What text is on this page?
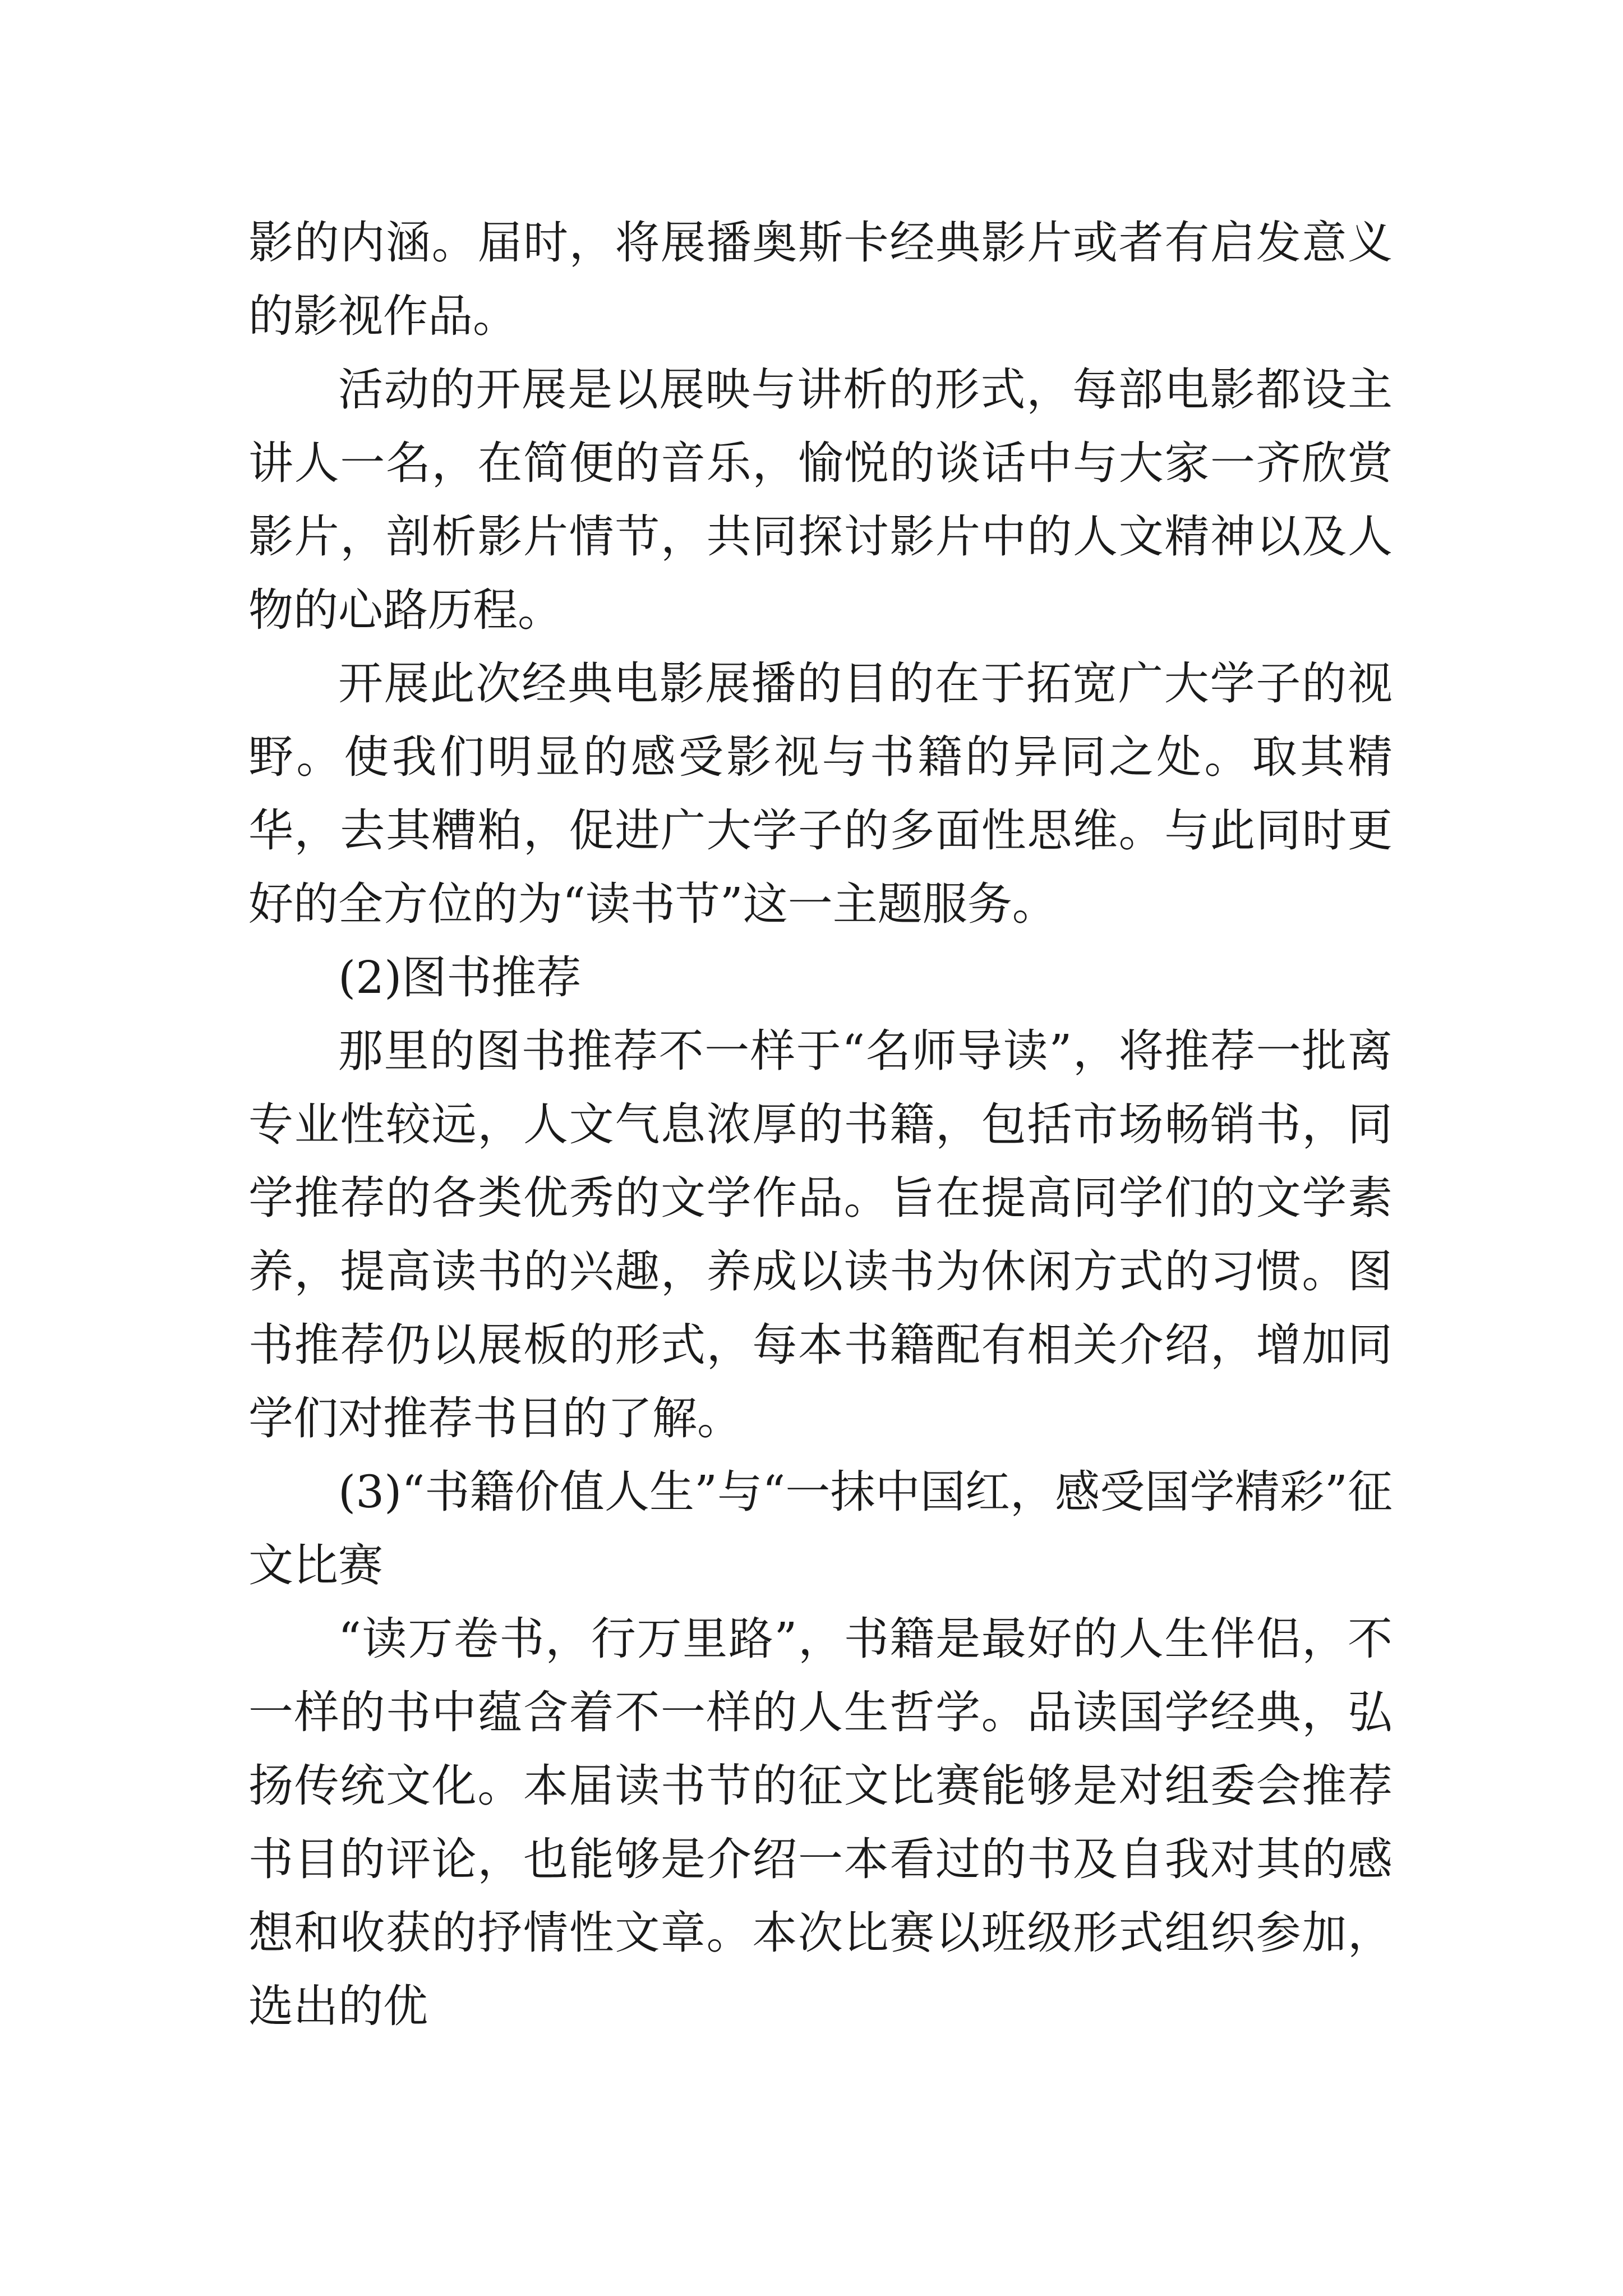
影的内涵。届时，将展播奥斯卡经典影片或者有启发意义的影视作品。

活动的开展是以展映与讲析的形式，每部电影都设主讲人一名，在简便的音乐，愉悦的谈话中与大家一齐欣赏影片，剖析影片情节，共同探讨影片中的人文精神以及人物的心路历程。

开展此次经典电影展播的目的在于拓宽广大学子的视野。使我们明显的感受影视与书籍的异同之处。取其精华，去其糟粕，促进广大学子的多面性思维。与此同时更好的全方位的为“读书节”这一主题服务。

(2)图书推荐

那里的图书推荐不一样于“名师导读”，将推荐一批离专业性较远，人文气息浓厚的书籍，包括市场畅销书，同学推荐的各类优秀的文学作品。旨在提高同学们的文学素养，提高读书的兴趣，养成以读书为休闲方式的习惯。图书推荐仍以展板的形式，每本书籍配有相关介绍，增加同学们对推荐书目的了解。

(3)“书籍价值人生”与“一抹中国红，感受国学精彩”征文比赛

“读万卷书，行万里路”，书籍是最好的人生伴侣，不一样的书中蕴含着不一样的人生哲学。品读国学经典，弘扬传统文化。本届读书节的征文比赛能够是对组委会推荐书目的评论，也能够是介绍一本看过的书及自我对其的感想和收获的抒情性文章。本次比赛以班级形式组织参加，选出的优
